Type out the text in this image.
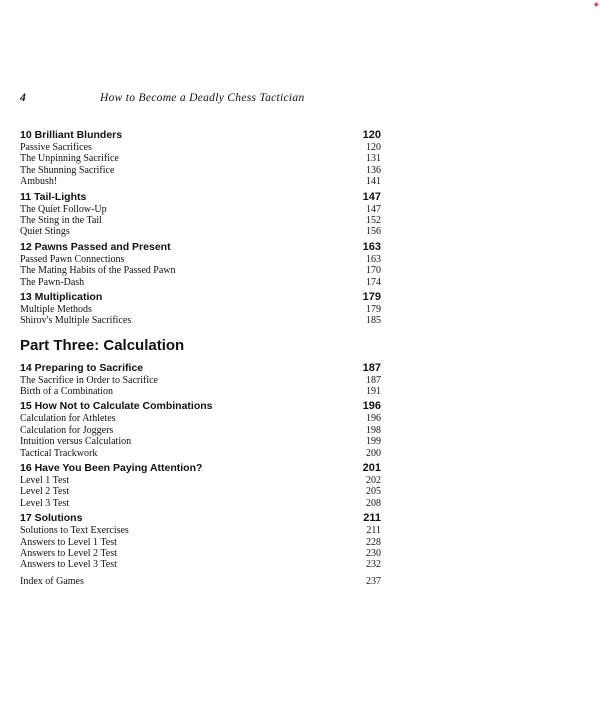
◆
4	How to Become a Deadly Chess Tactician
10 Brilliant Blunders	120
Passive Sacrifices	120
The Unpinning Sacrifice	131
The Shunning Sacrifice	136
Ambush!	141
11 Tail-Lights	147
The Quiet Follow-Up	147
The Sting in the Tail	152
Quiet Stings	156
12 Pawns Passed and Present	163
Passed Pawn Connections	163
The Mating Habits of the Passed Pawn	170
The Pawn-Dash	174
13 Multiplication	179
Multiple Methods	179
Shirov's Multiple Sacrifices	185
Part Three: Calculation
14 Preparing to Sacrifice	187
The Sacrifice in Order to Sacrifice	187
Birth of a Combination	191
15 How Not to Calculate Combinations	196
Calculation for Athletes	196
Calculation for Joggers	198
Intuition versus Calculation	199
Tactical Trackwork	200
16 Have You Been Paying Attention?	201
Level 1 Test	202
Level 2 Test	205
Level 3 Test	208
17 Solutions	211
Solutions to Text Exercises	211
Answers to Level 1 Test	228
Answers to Level 2 Test	230
Answers to Level 3 Test	232
Index of Games	237
